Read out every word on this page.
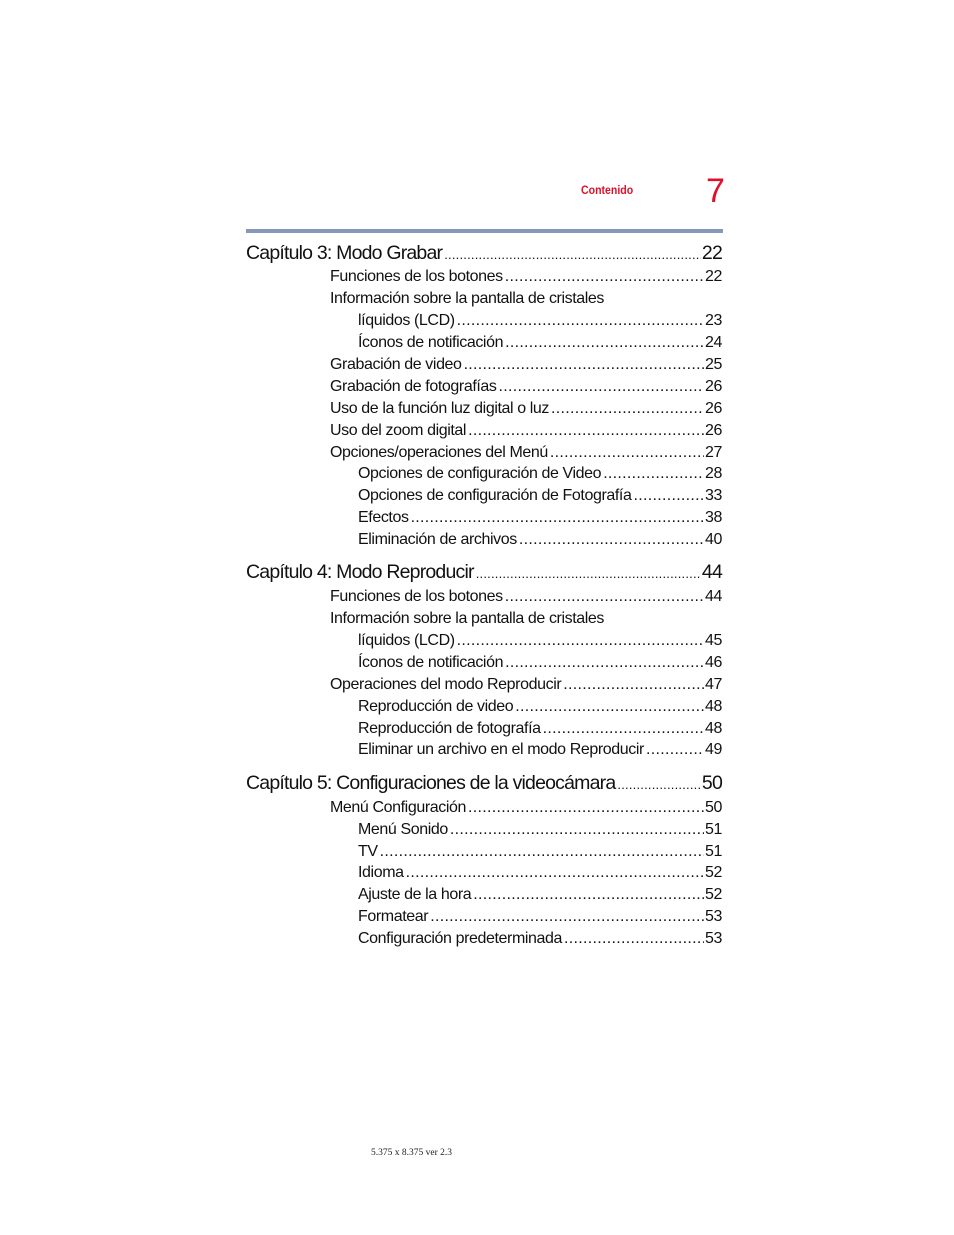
Contenido 7
Capítulo 3: Modo Grabar .....	22
Funciones de los botones .....	22
Información sobre la pantalla de cristales
líquidos (LCD) .....	23
Íconos de notificación .....	24
Grabación de video .....	25
Grabación de fotografías .....	26
Uso de la función luz digital o luz .....	26
Uso del zoom digital .....	26
Opciones/operaciones del Menú .....	27
Opciones de configuración de Video .....	28
Opciones de configuración de Fotografía .....	33
Efectos .....	38
Eliminación de archivos .....	40
Capítulo 4: Modo Reproducir .....	44
Funciones de los botones .....	44
Información sobre la pantalla de cristales
líquidos (LCD) .....	45
Íconos de notificación .....	46
Operaciones del modo Reproducir .....	47
Reproducción de video .....	48
Reproducción de fotografía .....	48
Eliminar un archivo en el modo Reproducir .....	49
Capítulo 5: Configuraciones de la videocámara .....	50
Menú Configuración .....	50
Menú Sonido .....	51
TV .....	51
Idioma .....	52
Ajuste de la hora .....	52
Formatear .....	53
Configuración predeterminada .....	53
5.375 x 8.375 ver 2.3
